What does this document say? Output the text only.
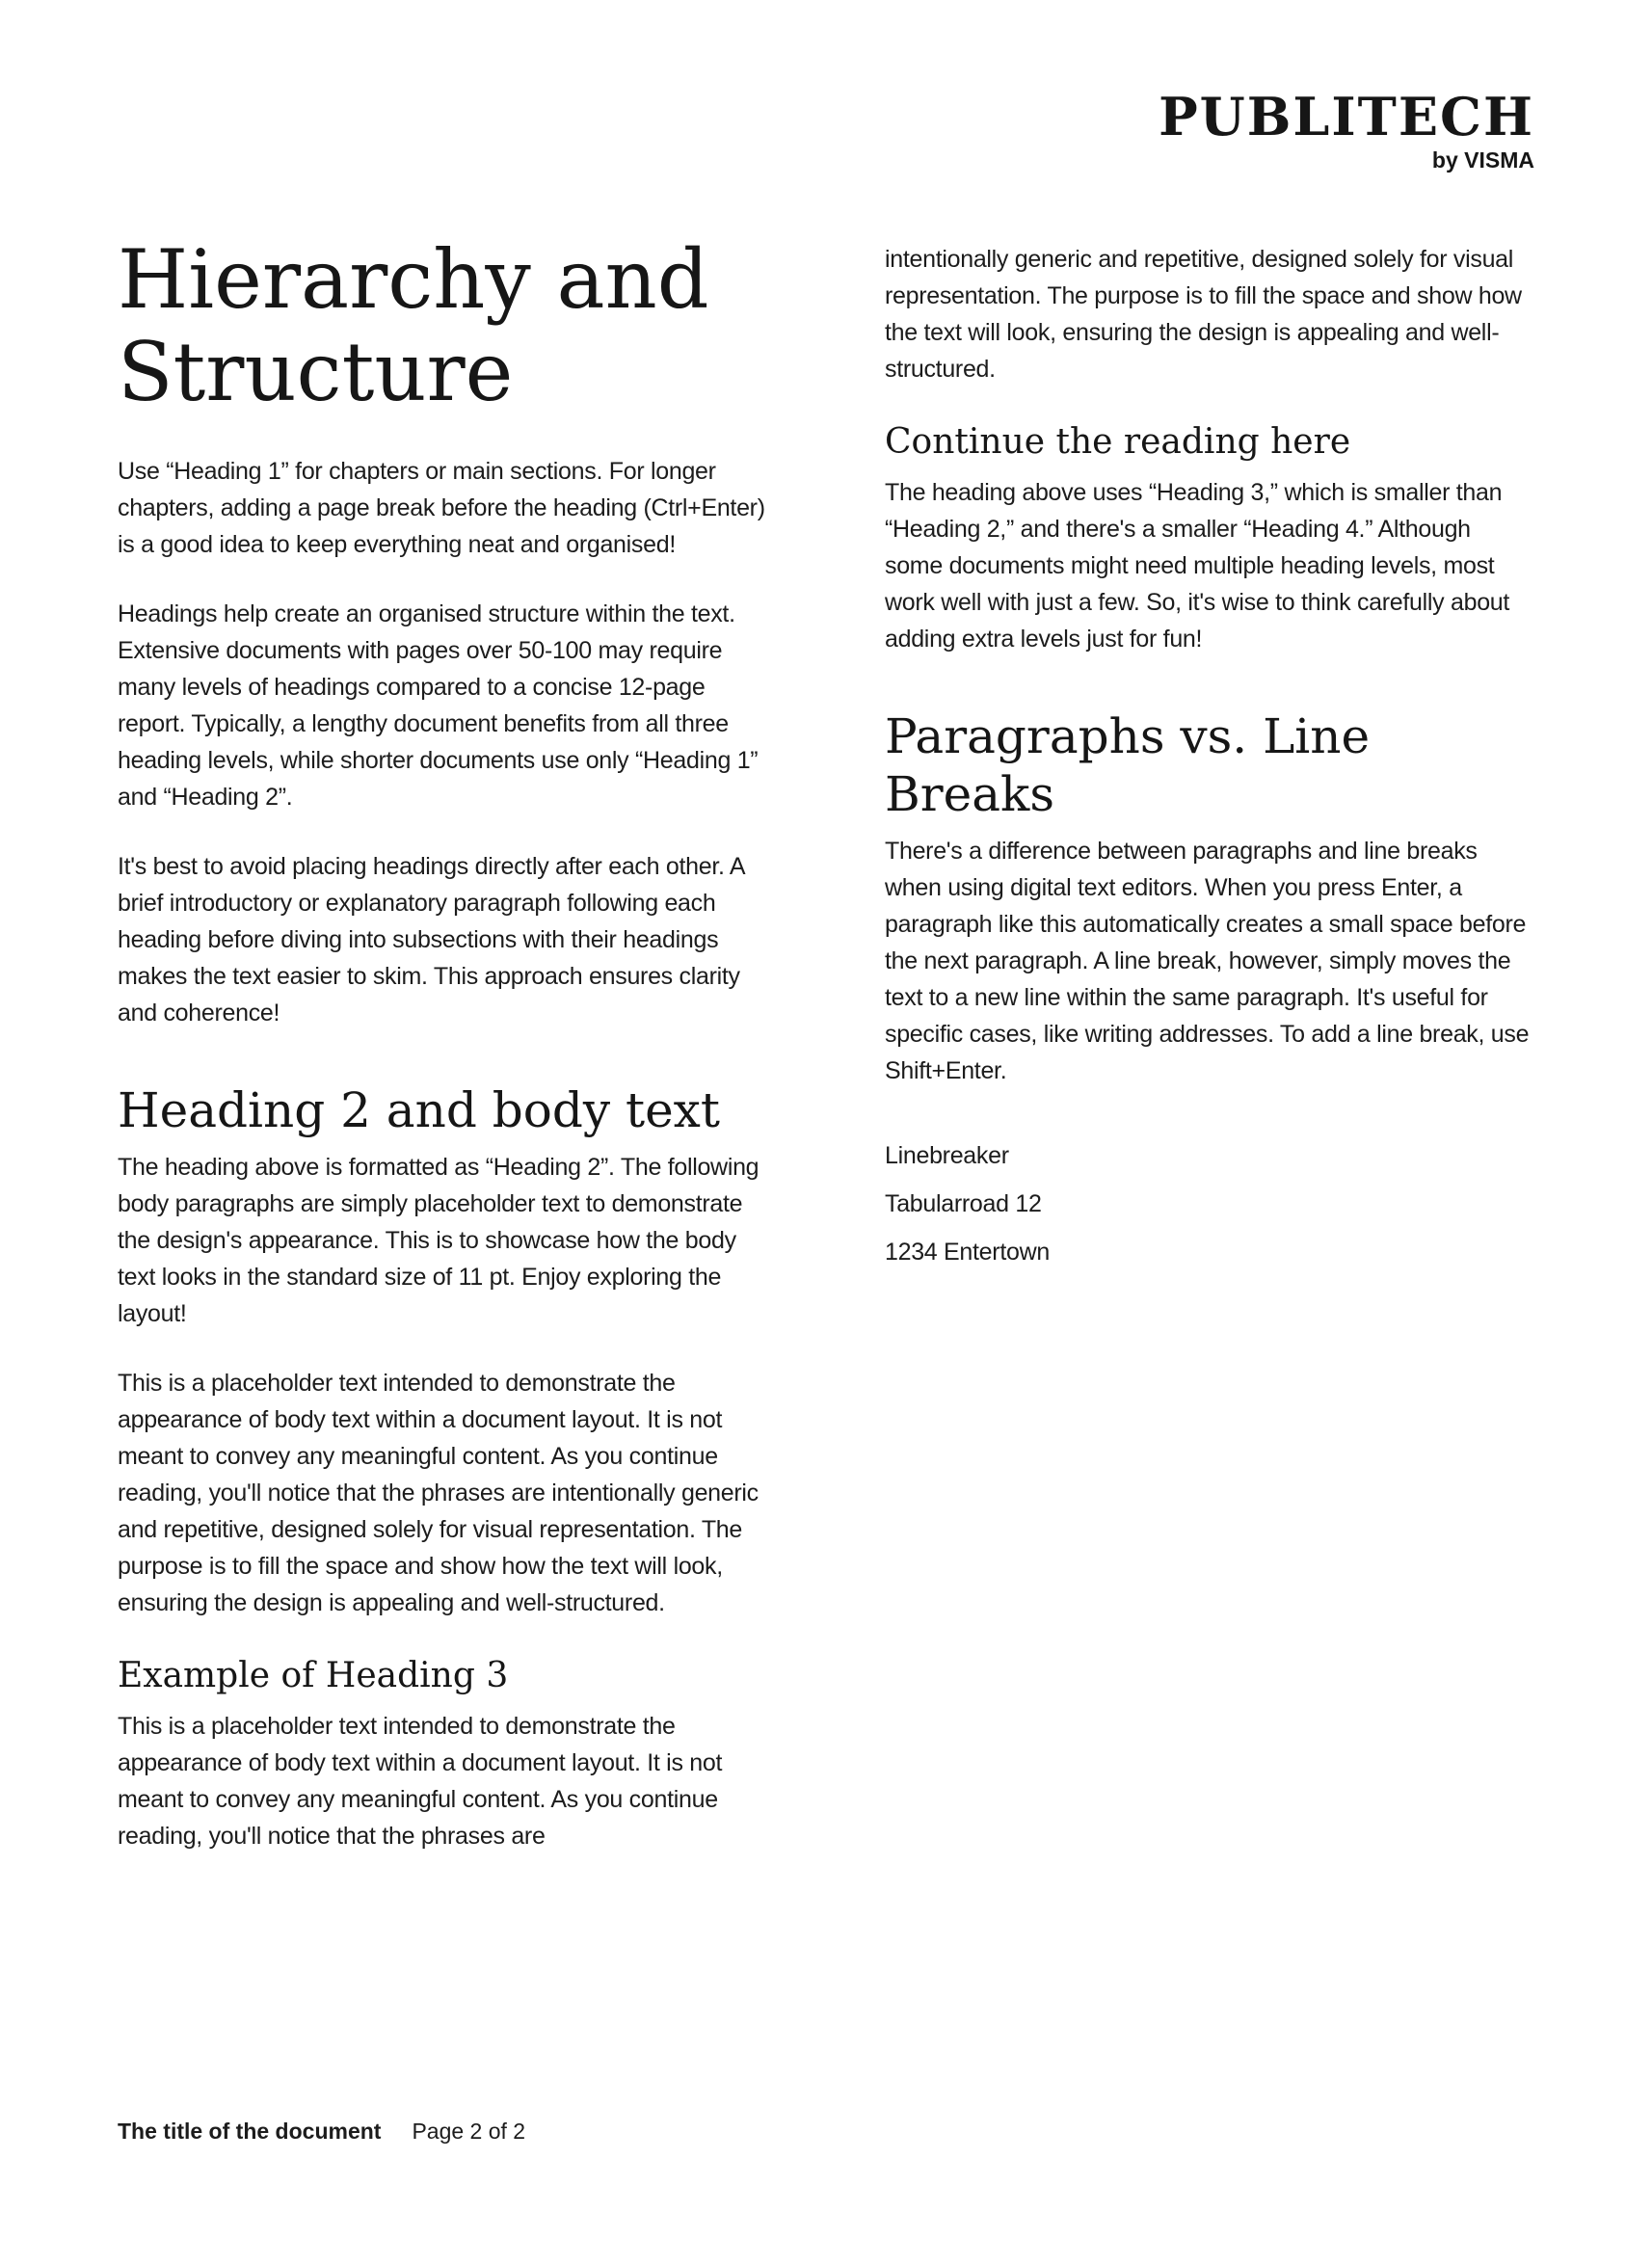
PUBLITECH
by VISMA
Hierarchy and Structure

Use “Heading 1” for chapters or main sections. For longer chapters, adding a page break before the heading (Ctrl+Enter) is a good idea to keep everything neat and organised!

Headings help create an organised structure within the text. Extensive documents with pages over 50-100 may require many levels of headings compared to a concise 12-page report. Typically, a lengthy document benefits from all three heading levels, while shorter documents use only “Heading 1” and “Heading 2”.

It's best to avoid placing headings directly after each other. A brief introductory or explanatory paragraph following each heading before diving into subsections with their headings makes the text easier to skim. This approach ensures clarity and coherence!

Heading 2 and body text

The heading above is formatted as “Heading 2”. The following body paragraphs are simply placeholder text to demonstrate the design's appearance. This is to showcase how the body text looks in the standard size of 11 pt. Enjoy exploring the layout!

This is a placeholder text intended to demonstrate the appearance of body text within a document layout. It is not meant to convey any meaningful content. As you continue reading, you'll notice that the phrases are intentionally generic and repetitive, designed solely for visual representation. The purpose is to fill the space and show how the text will look, ensuring the design is appealing and well-structured.

Example of Heading 3

This is a placeholder text intended to demonstrate the appearance of body text within a document layout. It is not meant to convey any meaningful content. As you continue reading, you'll notice that the phrases are

intentionally generic and repetitive, designed solely for visual representation. The purpose is to fill the space and show how the text will look, ensuring the design is appealing and well-structured.

Continue the reading here

The heading above uses “Heading 3,” which is smaller than “Heading 2,” and there's a smaller “Heading 4.” Although some documents might need multiple heading levels, most work well with just a few. So, it's wise to think carefully about adding extra levels just for fun!

Paragraphs vs. Line Breaks

There's a difference between paragraphs and line breaks when using digital text editors. When you press Enter, a paragraph like this automatically creates a small space before the next paragraph. A line break, however, simply moves the text to a new line within the same paragraph. It's useful for specific cases, like writing addresses. To add a line break, use Shift+Enter.

Linebreaker
Tabularroad 12
1234 Entertown
The title of the document Page 2 of 2
